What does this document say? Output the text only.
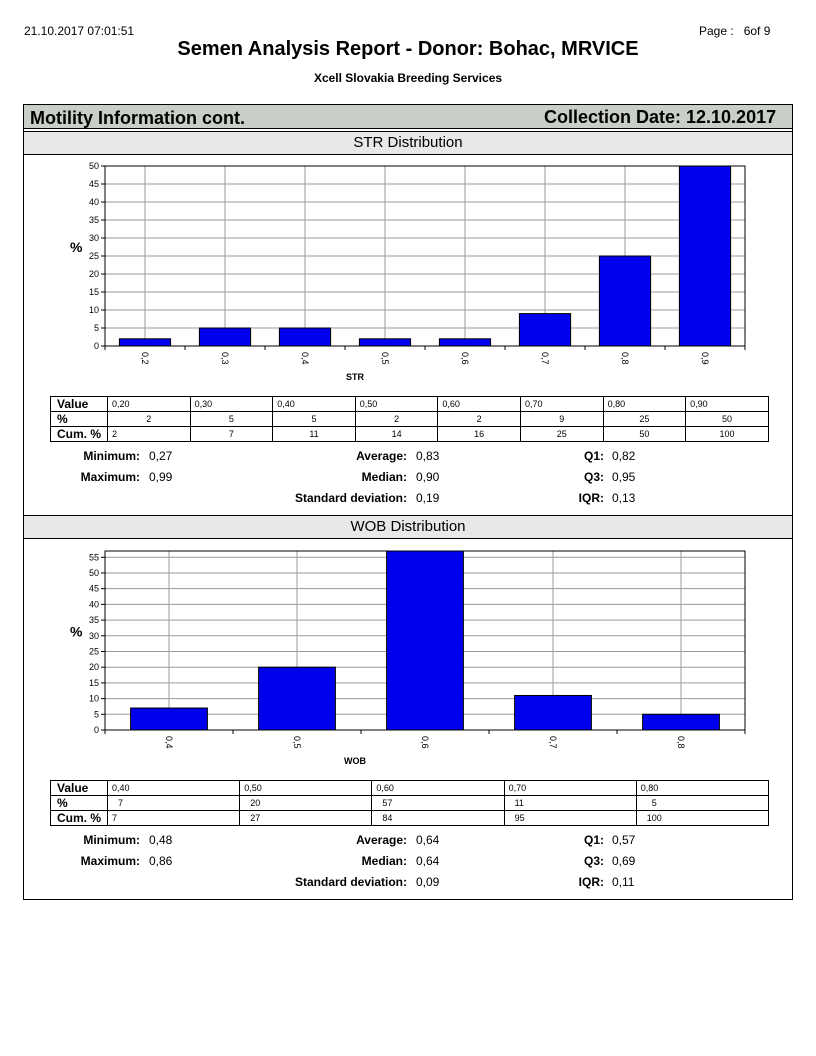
21.10.2017 07:01:51	Page :   6of 9
Semen Analysis Report - Donor: Bohac, MRVICE
Xcell Slovakia Breeding Services
Motility Information cont.	Collection Date: 12.10.2017
STR Distribution
0
5
10
15
20
25
30
35
40
45
50
0,2	0,3	0,4	0,5	0,6	0,7	0,8	0,9
STR
%
Value	0,20	0,30	0,40	0,50	0,60	0,70	0,80	0,90
%	2	5	5	2	2	9	25	50
Cum. %	2	7	11	14	16	25	50	100
Minimum: 0,27
Maximum: 0,99
Average: 0,83
Median: 0,90
Standard deviation: 0,19
Q1: 0,82
Q3: 0,95
IQR: 0,13
WOB Distribution
0
5
10
15
20
25
30
35
40
45
50
55
0,4	0,5	0,6	0,7	0,8
WOB
%
Value	0,40	0,50	0,60	0,70	0,80
%	7	20	57	11	5
Cum. %	7	27	84	95	100
Minimum: 0,48
Maximum: 0,86
Average: 0,64
Median: 0,64
Standard deviation: 0,09
Q1: 0,57
Q3: 0,69
IQR: 0,11
